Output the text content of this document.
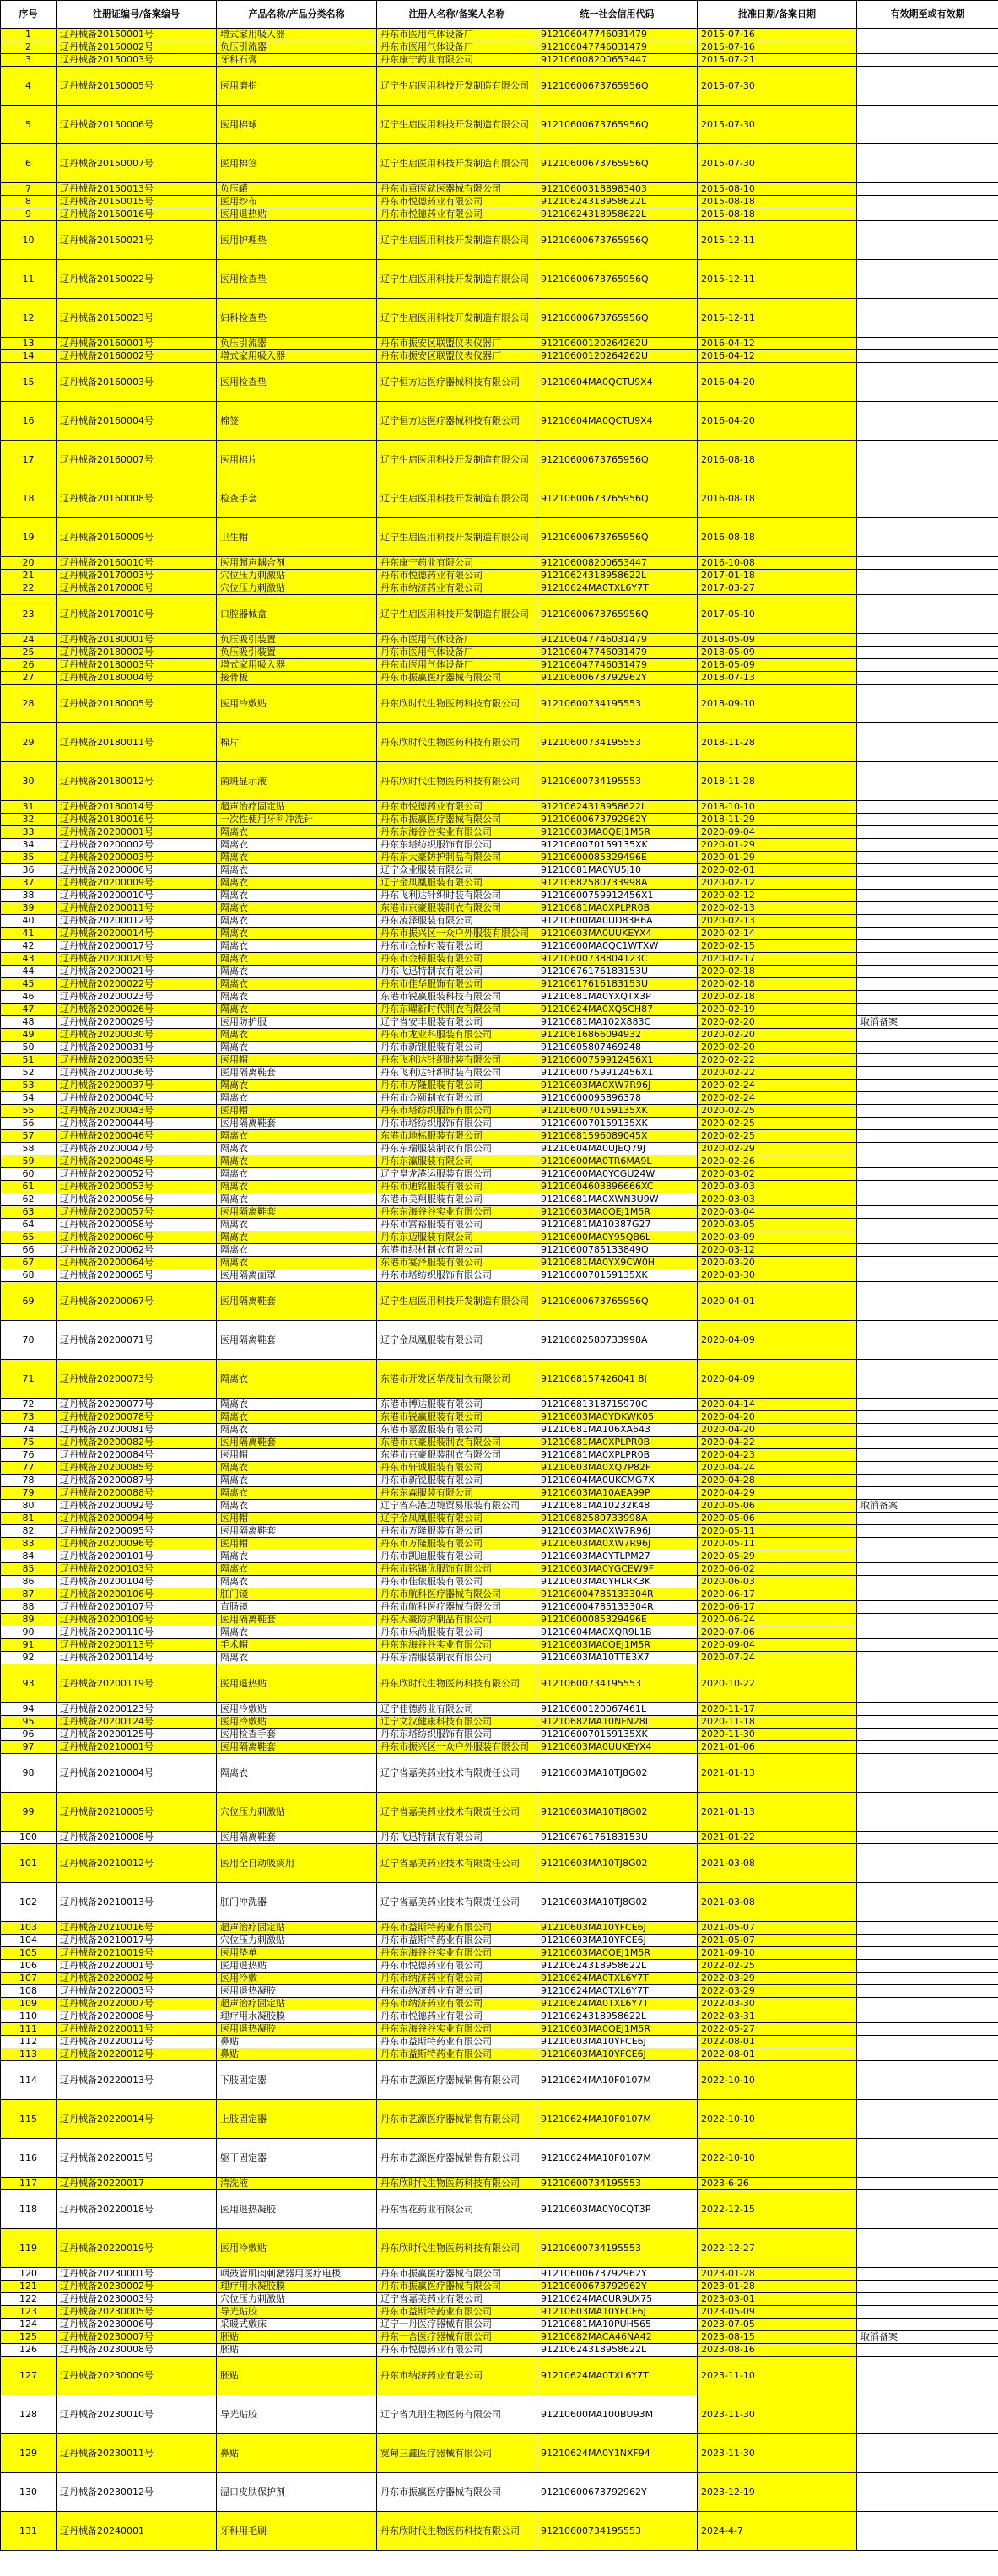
序号	注册证编号/备案编号	产品名称/产品分类名称	注册人名称/备案人名称	统一社会信用代码	批准日期/备案日期	有效期至或有效期
1	辽丹械备20150001号	增式家用吸入器	丹东市医用气体设备厂	912106047746031479	2015-07-16	
2	辽丹械备20150002号	负压引流器	丹东市医用气体设备厂	912106047746031479	2015-07-16	
3	辽丹械备20150003号	牙科石膏	丹东康宁药业有限公司	912106008200653447	2015-07-21	
4	辽丹械备20150005号	医用磨指	辽宁生启医用科技开发制造有限公司	91210600673765956Q	2015-07-30	
5	辽丹械备20150006号	医用棉球	辽宁生启医用科技开发制造有限公司	91210600673765956Q	2015-07-30	
6	辽丹械备20150007号	医用棉签	辽宁生启医用科技开发制造有限公司	91210600673765956Q	2015-07-30	
7	辽丹械备20150013号	负压罐	丹东市重医就医器械有限公司	912106003188983403	2015-08-10	
8	辽丹械备20150015号	医用纱布	丹东市悦德药业有限公司	91210624318958622L	2015-08-18	
9	辽丹械备20150016号	医用退热贴	丹东市悦德药业有限公司	91210624318958622L	2015-08-18	
10	辽丹械备20150021号	医用护理垫	辽宁生启医用科技开发制造有限公司	91210600673765956Q	2015-12-11	
11	辽丹械备20150022号	医用检查垫	辽宁生启医用科技开发制造有限公司	91210600673765956Q	2015-12-11	
12	辽丹械备20150023号	妇科检查垫	辽宁生启医用科技开发制造有限公司	91210600673765956Q	2015-12-11	
13	辽丹械备20160001号	负压引流器	丹东市振安区联盟仪表仪器厂	91210600120264262U	2016-04-12	
14	辽丹械备20160002号	增式家用吸入器	丹东市振安区联盟仪表仪器厂	91210600120264262U	2016-04-12	
15	辽丹械备20160003号	医用检查垫	辽宁恒方达医疗器械科技有限公司	91210604MA0QCTU9X4	2016-04-20	
16	辽丹械备20160004号	棉签	辽宁恒方达医疗器械科技有限公司	91210604MA0QCTU9X4	2016-04-20	
17	辽丹械备20160007号	医用棉片	辽宁生启医用科技开发制造有限公司	91210600673765956Q	2016-08-18	
18	辽丹械备20160008号	检查手套	辽宁生启医用科技开发制造有限公司	91210600673765956Q	2016-08-18	
19	辽丹械备20160009号	卫生帽	辽宁生启医用科技开发制造有限公司	91210600673765956Q	2016-08-18	
20	辽丹械备20160010号	医用超声耦合剂	丹东康宁药业有限公司	912106008200653447	2016-10-08	
21	辽丹械备20170003号	穴位压力刺激贴	丹东市悦德药业有限公司	91210624318958622L	2017-01-18	
22	辽丹械备20170008号	穴位压力刺激贴	丹东市纳济药业有限公司	91210624MA0TXL6Y7T	2017-03-27	
23	辽丹械备20170010号	口腔器械盒	辽宁生启医用科技开发制造有限公司	91210600673765956Q	2017-05-10	
24	辽丹械备20180001号	负压吸引装置	丹东市医用气体设备厂	912106047746031479	2018-05-09	
25	辽丹械备20180002号	负压吸引装置	丹东市医用气体设备厂	912106047746031479	2018-05-09	
26	辽丹械备20180003号	增式家用吸入器	丹东市医用气体设备厂	912106047746031479	2018-05-09	
27	辽丹械备20180004号	接骨板	丹东市振赢医疗器械有限公司	91210600673792962Y	2018-07-13	
28	辽丹械备20180005号	医用冷敷贴	丹东欣时代生物医药科技有限公司	91210600734195553	2018-09-10	
29	辽丹械备20180011号	棉片	丹东欣时代生物医药科技有限公司	91210600734195553	2018-11-28	
30	辽丹械备20180012号	菌斑显示液	丹东欣时代生物医药科技有限公司	91210600734195553	2018-11-28	
31	辽丹械备20180014号	超声治疗固定贴	丹东市悦德药业有限公司	91210624318958622L	2018-10-10	
32	辽丹械备20180016号	一次性使用牙科冲洗针	丹东市振赢医疗器械有限公司	91210600673792962Y	2018-11-29	
33	辽丹械备20200001号	隔离衣	丹东东海谷谷实业有限公司	91210603MA0QEJ1M5R	2020-09-04	
34	辽丹械备20200002号	隔离衣	丹东东塔纺织服饰有限公司	9121060070159135XK	2020-01-29	
35	辽丹械备20200003号	隔离衣	丹东东大豪防护制品有限公司	91210600085329496E	2020-01-29	
36	辽丹械备20200006号	隔离衣	辽宁众业服装有限公司	91210681MA0YU5J10	2020-02-01	
37	辽丹械备20200009号	隔离衣	辽宁金凤凰服装有限公司	91210682580733998A	2020-02-12	
38	辽丹械备20200010号	隔离衣	丹东飞利达针织时装有限公司	91210600759912456X1	2020-02-12	
39	辽丹械备20200011号	隔离衣	东港市京豪服装制衣有限公司	91210681MA0XPLPR0B	2020-02-13	
40	辽丹械备20200012号	隔离衣	丹东凌泽服装有限公司	91210600MA0UD83B6A	2020-02-13	
41	辽丹械备20200014号	隔离衣	丹东市振兴区一众户外服装有限公司	91210603MA0UUKEYX4	2020-02-14	
42	辽丹械备20200017号	隔离衣	丹东市金桥时装有限公司	91210600MA0QC1WTXW	2020-02-15	
43	辽丹械备20200020号	隔离衣	丹东市金桥服装有限公司	91210600738804123C	2020-02-17	
44	辽丹械备20200021号	隔离衣	丹东飞迅特制衣有限公司	91210676176183153U	2020-02-18	
45	辽丹械备20200022号	隔离衣	丹东市佳华服饰有限公司	91210617616183153U	2020-02-18	
46	辽丹械备20200023号	隔离衣	东港市锐赢服装科技有限公司	91210681MA0YXQTX3P	2020-02-18	
47	辽丹械备20200026号	隔离衣	丹东东曜新时代制衣有限公司	91210624MA0XQ5CH87	2020-02-19	
48	辽丹械备20200029号	医用防护服	辽宁省安丰服装有限公司	91210681MA102X883C	2020-02-20	取消备案
49	辽丹械备20200030号	隔离衣	丹东市龙业科服装有限公司	91210616866094932	2020-02-20	
50	辽丹械备20200031号	隔离衣	丹东市新银服装有限公司	91210605807469248	2020-02-20	
51	辽丹械备20200035号	医用帽	丹东飞利达针织时装有限公司	91210600759912456X1	2020-02-22	
52	辽丹械备20200036号	医用隔离鞋套	丹东飞利达针织时装有限公司	91210600759912456X1	2020-02-22	
53	辽丹械备20200037号	隔离衣	丹东市万隆服装有限公司	91210603MA0XW7R96J	2020-02-24	
54	辽丹械备20200040号	隔离衣	丹东市金颐制衣有限公司	91210600095896378	2020-02-24	
55	辽丹械备20200043号	医用帽	丹东市塔纺织服饰有限公司	9121060070159135XK	2020-02-25	
56	辽丹械备20200044号	医用隔离鞋套	丹东市塔纺织服饰有限公司	9121060070159135XK	2020-02-25	
57	辽丹械备20200046号	隔离衣	东港市地标服装有限公司	91210681596089045X	2020-02-25	
58	辽丹械备20200047号	隔离衣	丹东东瑞服装制衣有限公司	91210604MA0UJEQ79J	2020-02-29	
59	辽丹械备20200048号	隔离衣	丹东东瀛服装有限公司	91210600MA0TR6MA9L	2020-02-26	
60	辽丹械备20200052号	隔离衣	辽宁皇龙港运服装有限公司	91210600MA0YCGU24W	2020-03-02	
61	辽丹械备20200053号	隔离衣	丹东市迪铭服装有限公司	91210604603896666XC	2020-03-03	
62	辽丹械备20200056号	隔离衣	东港市美翔服装有限公司	91210681MA0XWN3U9W	2020-03-03	
63	辽丹械备20200057号	医用隔离鞋套	丹东东海谷谷实业有限公司	91210603MA0QEJ1M5R	2020-03-04	
64	辽丹械备20200058号	隔离衣	丹东市富裕服装有限公司	91210681MA10387G27	2020-03-05	
65	辽丹械备20200060号	隔离衣	丹东东迈服装有限公司	91210600MA0Y95QB6L	2020-03-09	
66	辽丹械备20200062号	隔离衣	东港市织材制衣有限公司	91210600785133849O	2020-03-12	
67	辽丹械备20200064号	隔离衣	东港市宴泽服装有限公司	91210681MA0YX9CW0H	2020-03-20	
68	辽丹械备20200065号	医用隔离面罩	丹东市塔纺织服饰有限公司	9121060070159135XK	2020-03-30	
69	辽丹械备20200067号	医用隔离鞋套	辽宁生启医用科技开发制造有限公司	91210600673765956Q	2020-04-01	
70	辽丹械备20200071号	医用隔离鞋套	辽宁金凤凰服装有限公司	91210682580733998A	2020-04-09	
71	辽丹械备20200073号	隔离衣	东港市开发区华茂制衣有限公司	9121068157426041 8J	2020-04-09	
72	辽丹械备20200077号	隔离衣	东港市博达服装有限公司	91210681318715970C	2020-04-14	
73	辽丹械备20200078号	隔离衣	东港市锐赢服装有限公司	91210603MA0YDKWK05	2020-04-20	
74	辽丹械备20200081号	隔离衣	东港市嘉盈服装有限公司	91210681MA106XA643	2020-04-20	
75	辽丹械备20200082号	医用隔离鞋套	东港市京豪服装制衣有限公司	91210681MA0XPLPR0B	2020-04-22	
76	辽丹械备20200084号	医用帽	东港市京豪服装制衣有限公司	91210681MA0XPLPR0B	2020-04-23	
77	辽丹械备20200085号	隔离衣	丹东市轩诚服装有限公司	91210603MA0XQ7P82F	2020-04-24	
78	辽丹械备20200087号	隔离衣	丹东市新锐服装有限公司	91210604MA0UKCMG7X	2020-04-28	
79	辽丹械备20200088号	隔离衣	丹东东森服装有限公司	91210603MA10AEA99P	2020-04-29	
80	辽丹械备20200092号	隔离衣	辽宁省东港边境贸易服装有限公司	91210681MA10232K48	2020-05-06	取消备案
81	辽丹械备20200094号	医用帽	辽宁金凤凰服装有限公司	91210682580733998A	2020-05-06	
82	辽丹械备20200095号	医用隔离鞋套	丹东市万隆服装有限公司	91210603MA0XW7R96J	2020-05-11	
83	辽丹械备20200096号	医用帽	丹东市万隆服装有限公司	91210603MA0XW7R96J	2020-05-11	
84	辽丹械备20200101号	隔离衣	丹东市凯迪服装有限公司	91210603MA0YTLPM27	2020-05-29	
85	辽丹械备20200103号	隔离衣	丹东市铭锦优服饰有限公司	91210603MA0YGCEW9F	2020-06-02	
86	辽丹械备20200104号	隔离衣	丹东市佳依服装有限公司	91210603MA0YHLRK3K	2020-06-03	
87	辽丹械备20200106号	肛门镜	丹东市航科医疗器械有限公司	912106004785133304R	2020-06-17	
88	辽丹械备20200107号	直肠镜	丹东市航科医疗器械有限公司	912106004785133304R	2020-06-17	
89	辽丹械备20200109号	医用隔离鞋套	丹东大豪防护制品有限公司	91210600085329496E	2020-06-24	
90	辽丹械备20200110号	隔离衣	丹东市乐尚服装有限公司	91210604MA0XQR9L1B	2020-07-06	
91	辽丹械备20200113号	手术帽	丹东东海谷谷实业有限公司	91210603MA0QEJ1M5R	2020-09-04	
92	辽丹械备20200114号	隔离衣	丹东东清服装制衣有限公司	91210603MA10TTE3X7	2020-07-24	
93	辽丹械备20200119号	医用退热贴	丹东欣时代生物医药科技有限公司	91210600734195553	2020-10-22	
94	辽丹械备20200123号	医用冷敷贴	辽宁佳德药业有限公司	91210600120067461L	2020-11-17	
95	辽丹械备20200124号	医用冷敷贴	辽宁文汉健康科技有限公司	91210682MA10NFN28L	2020-11-18	
96	辽丹械备20200125号	医用检查手套	丹东东塔纺织服饰有限公司	9121060070159135XK	2020-11-30	
97	辽丹械备20210001号	医用隔离鞋套	丹东市振兴区一众户外服装有限公司	91210603MA0UUKEYX4	2021-01-06	
98	辽丹械备20210004号	隔离衣	辽宁省嘉美药业技术有限责任公司	91210603MA10TJ8G02	2021-01-13	
99	辽丹械备20210005号	穴位压力刺激贴	辽宁省嘉美药业技术有限责任公司	91210603MA10TJ8G02	2021-01-13	
100	辽丹械备20210008号	医用隔离鞋套	丹东飞迅特制衣有限公司	91210676176183153U	2021-01-22	
101	辽丹械备20210012号	医用全自动吸痰用	辽宁省嘉美药业技术有限责任公司	91210603MA10TJ8G02	2021-03-08	
102	辽丹械备20210013号	肛门冲洗器	辽宁省嘉美药业技术有限责任公司	91210603MA10TJ8G02	2021-03-08	
103	辽丹械备20210016号	超声治疗固定贴	丹东市益斯特药业有限公司	91210603MA10YFCE6J	2021-05-07	
104	辽丹械备20210017号	穴位压力刺激贴	丹东市益斯特药业有限公司	91210603MA10YFCE6J	2021-05-07	
105	辽丹械备20210019号	医用垫单	丹东东海谷谷实业有限公司	91210603MA0QEJ1M5R	2021-09-10	
106	辽丹械备20220001号	医用退热贴	丹东市悦德药业有限公司	91210624318958622L	2022-02-25	
107	辽丹械备20220002号	医用冷敷	丹东市纳济药业有限公司	91210624MA0TXL6Y7T	2022-03-29	
108	辽丹械备20220003号	医用退热凝胶	丹东市纳济药业有限公司	91210624MA0TXL6Y7T	2022-03-29	
109	辽丹械备20220007号	超声治疗固定贴	丹东市纳济药业有限公司	91210624MA0TXL6Y7T	2022-03-30	
110	辽丹械备20220008号	理疗用水凝胶膜	丹东市悦德药业有限公司	91210624318958622L	2022-03-31	
111	辽丹械备20220011号	医用退热凝胶	丹东东海谷谷实业有限公司	91210603MA0QEJ1M5R	2022-05-27	
112	辽丹械备20220012号	鼻贴	丹东市益斯特药业有限公司	91210603MA10YFCE6J	2022-08-01	
113	辽丹械备20220012号	鼻贴	丹东市益斯特药业有限公司	91210603MA10YFCE6J	2022-08-01	
114	辽丹械备20220013号	下肢固定器	丹东市艺源医疗器械销售有限公司	91210624MA10F0107M	2022-10-10	
115	辽丹械备20220014号	上肢固定器	丹东市艺源医疗器械销售有限公司	91210624MA10F0107M	2022-10-10	
116	辽丹械备20220015号	躯干固定器	丹东市艺源医疗器械销售有限公司	91210624MA10F0107M	2022-10-10	
117	辽丹械备20220017	清洗液	丹东欣时代生物医药科技有限公司	91210600734195553	2023-6-26	
118	辽丹械备20220018号	医用退热凝胶	丹东雪花药业有限公司	91210603MA0Y0CQT3P	2022-12-15	
119	辽丹械备20220019号	医用冷敷贴	丹东欣时代生物医药科技有限公司	91210600734195553	2022-12-27	
120	辽丹械备20230001号	咽鼓管肌肉刺激器用医疗电极	丹东市振赢医疗器械有限公司	91210600673792962Y	2023-01-28	
121	辽丹械备20230002号	理疗用水凝胶膜	丹东市振赢医疗器械有限公司	91210600673792962Y	2023-01-28	
122	辽丹械备20230003号	穴位压力刺激贴	辽宁省嘉美药业有限公司	91210624MA0UR9UX75	2023-03-01	
123	辽丹械备20230005号	导光贴胶	丹东市益斯特药业有限公司	91210603MA10YFCE6J	2023-05-09	
124	辽丹械备20230006号	采暖式敷床	辽宁一丹医疗器械有限公司	91210681MA10PUH565	2023-07-05	
125	辽丹械备20230007号	胚贴	丹东一合医疗器械有限公司	91210682MACA46NA42	2023-08-15	取消备案
126	辽丹械备20230008号	胚贴	丹东市悦德药业有限公司	91210624318958622L	2023-08-16	
127	辽丹械备20230009号	胚贴	丹东市纳济药业有限公司	91210624MA0TXL6Y7T	2023-11-10	
128	辽丹械备20230010号	导光贴胶	辽宁省九朋生物医药有限公司	91210600MA100BU93M	2023-11-30	
129	辽丹械备20230011号	鼻贴	宽甸三鑫医疗器械有限公司	91210624MA0Y1NXF94	2023-11-30	
130	辽丹械备20230012号	湿口皮肤保护剂	丹东市振赢医疗器械有限公司	91210600673792962Y	2023-12-19	
131	辽丹械备20240001	牙科用毛刷	丹东欣时代生物医药科技有限公司	91210600734195553	2024-4-7	
